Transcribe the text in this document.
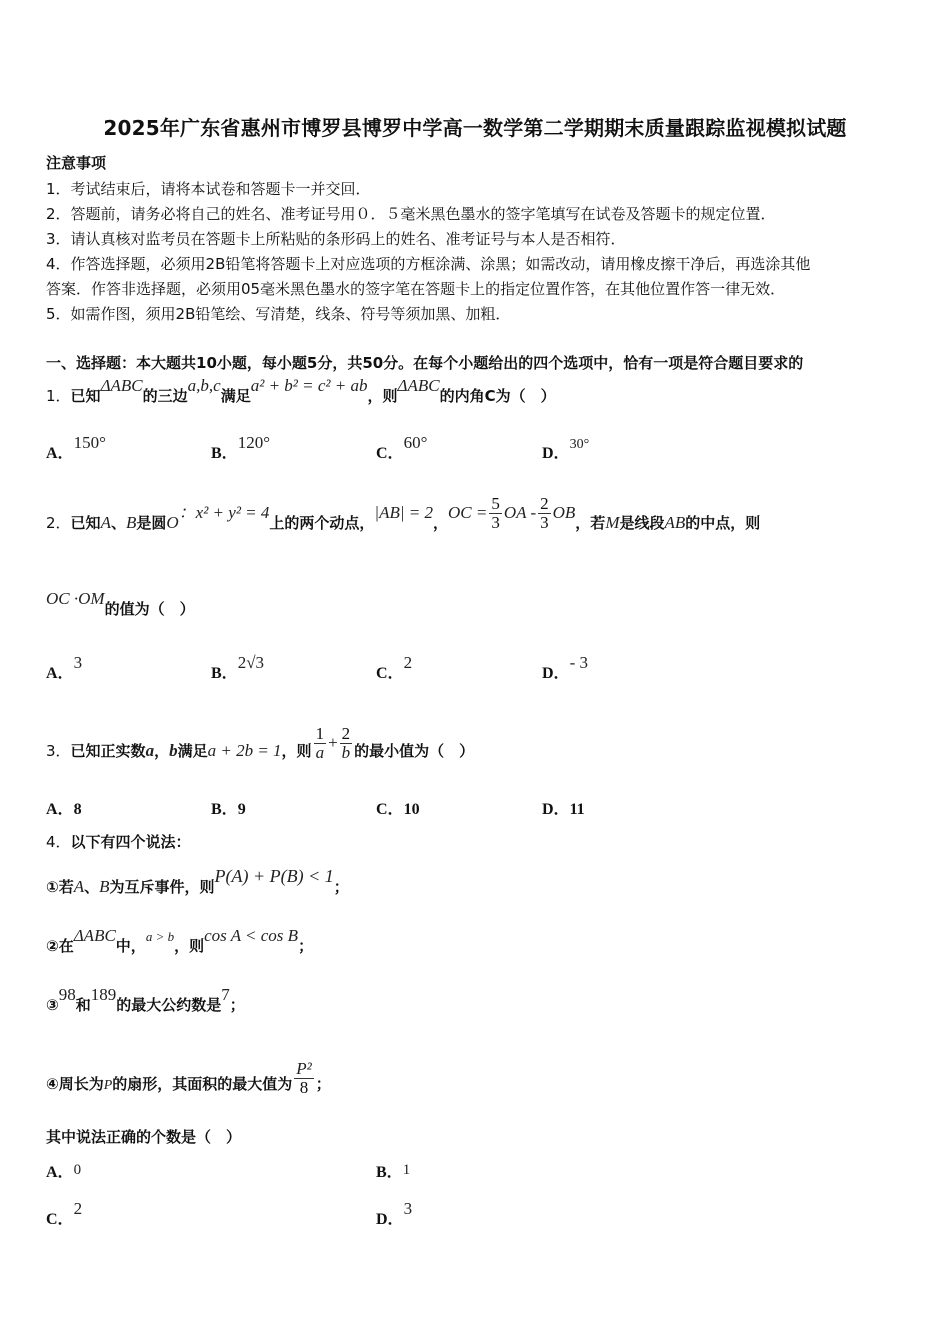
2025年广东省惠州市博罗县博罗中学高一数学第二学期期末质量跟踪监视模拟试题
注意事项
1．考试结束后，请将本试卷和答题卡一并交回．
2．答题前，请务必将自己的姓名、准考证号用０．５毫米黑色墨水的签字笔填写在试卷及答题卡的规定位置．
3．请认真核对监考员在答题卡上所粘贴的条形码上的姓名、准考证号与本人是否相符．
4．作答选择题，必须用2B铅笔将答题卡上对应选项的方框涂满、涂黑；如需改动，请用橡皮擦干净后，再选涂其他
答案．作答非选择题，必须用05毫米黑色墨水的签字笔在答题卡上的指定位置作答，在其他位置作答一律无效．
5．如需作图，须用2B铅笔绘、写清楚，线条、符号等须加黑、加粗．
一、选择题：本大题共10小题，每小题5分，共50分。在每个小题给出的四个选项中，恰有一项是符合题目要求的
1．已知ΔABC的三边a,b,c满足a² + b² = c² + ab，则ΔABC的内角C为（　）
A．150°
B．120°
C．60°
D．30°
2．已知A、B是圆O：x² + y² = 4上的两个动点，|AB| = 2，OC = $\frac{5}{3}$ OA - $\frac{2}{3}$ OB，若M是线段AB的中点，则
OC ·OM的值为（　）
A．3
B．2√3
C．2
D．- 3
3．已知正实数a，b满足a + 2b = 1，则 $\frac{1}{a} + \frac{2}{b}$ 的最小值为（　）
A．8	B．9	C．10	D．11
4．以下有四个说法：
①若A、B为互斥事件，则P(A) + P(B) < 1；
②在ΔABC中，a > b，则cos A < cos B；
③98和189的最大公约数是7；
④周长为P的扇形，其面积的最大值为 $\frac{\text{P²}}{8}$ ；
其中说法正确的个数是（　）
A．0	B．1
C．2
D．3
